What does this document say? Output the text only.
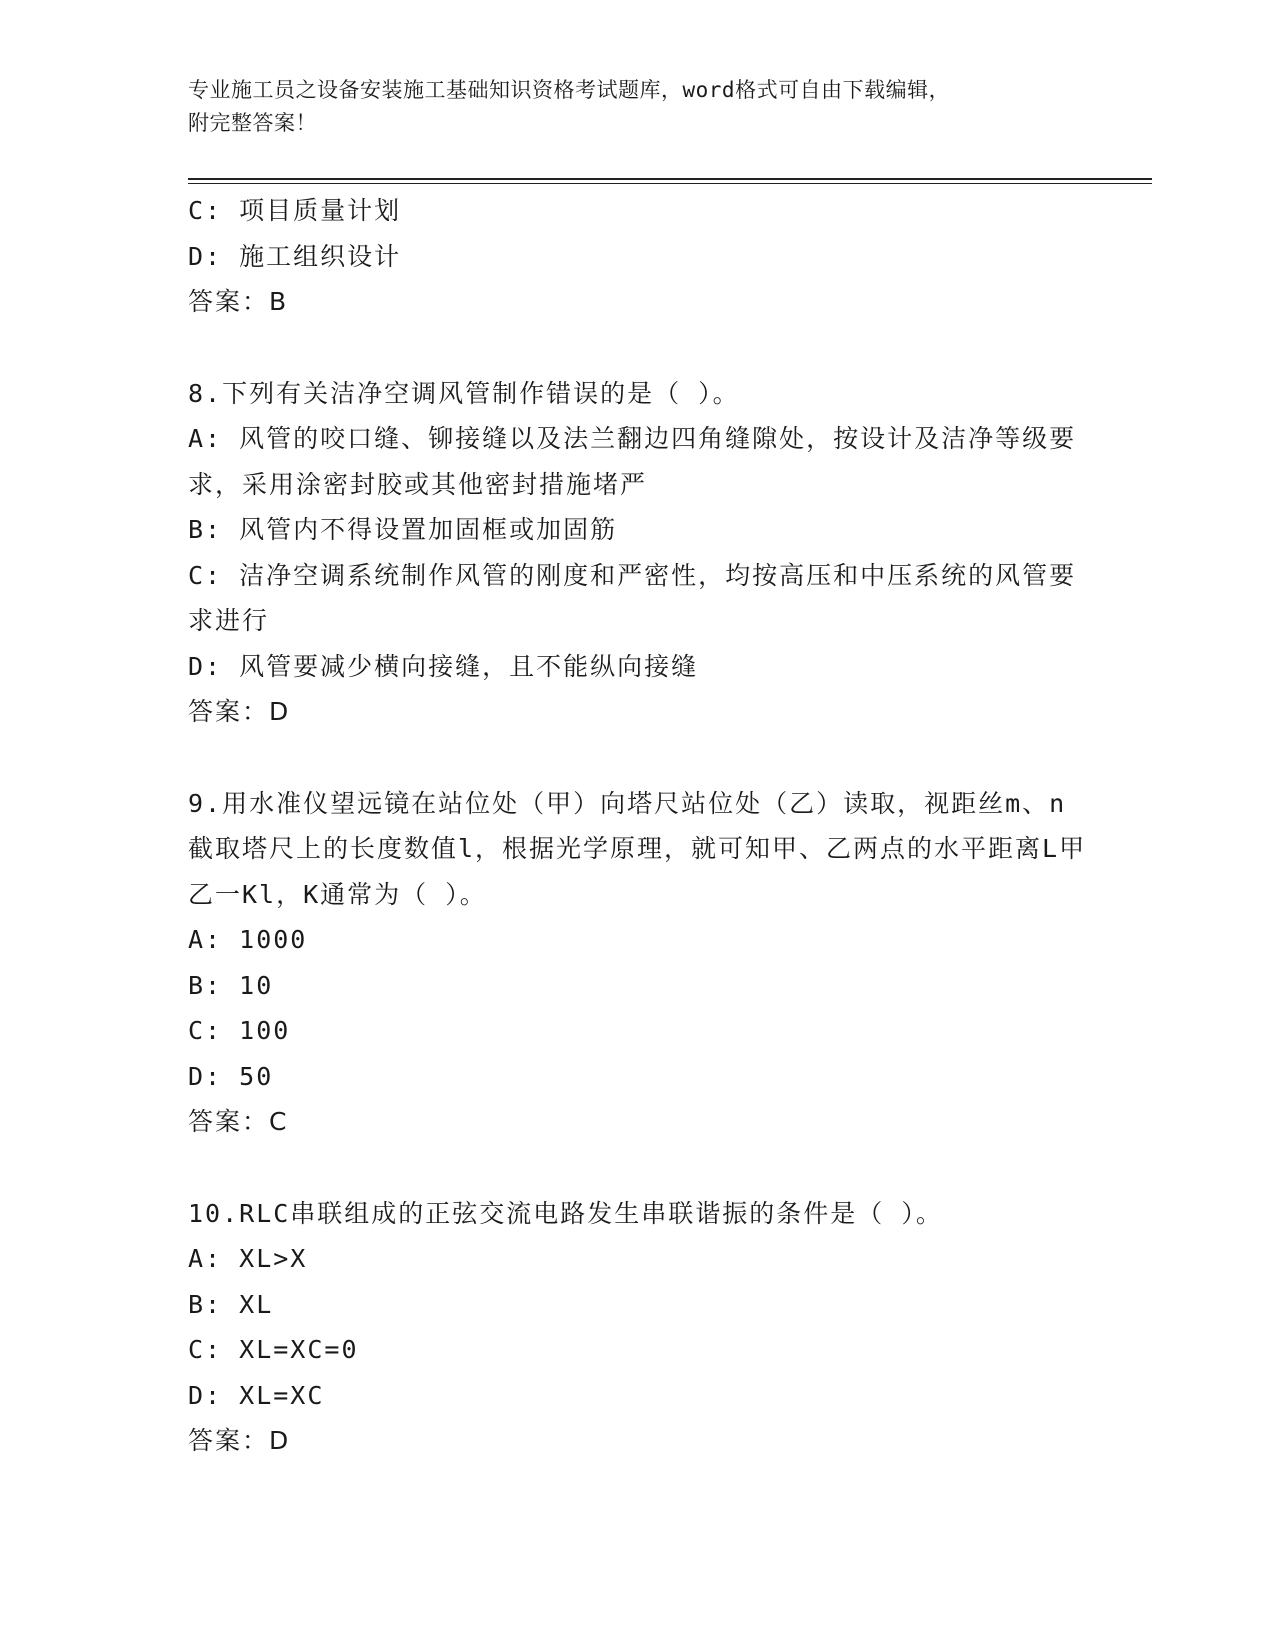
专业施工员之设备安装施工基础知识资格考试题库，word格式可自由下载编辑，
附完整答案！
C: 项目质量计划
D: 施工组织设计
答案：B
8.下列有关洁净空调风管制作错误的是（ ）。
A: 风管的咬口缝、铆接缝以及法兰翻边四角缝隙处，按设计及洁净等级要求，采用涂密封胶或其他密封措施堵严
B: 风管内不得设置加固框或加固筋
C: 洁净空调系统制作风管的刚度和严密性，均按高压和中压系统的风管要求进行
D: 风管要减少横向接缝，且不能纵向接缝
答案：D
9.用水准仪望远镜在站位处（甲）向塔尺站位处（乙）读取，视距丝m、n截取塔尺上的长度数值l，根据光学原理，就可知甲、乙两点的水平距离L甲乙一Kl，K通常为（ ）。
A: 1000
B: 10
C: 100
D: 50
答案：C
10.RLC串联组成的正弦交流电路发生串联谐振的条件是（ ）。
A: XL>X
B: XL
C: XL=XC=0
D: XL=XC
答案：D
